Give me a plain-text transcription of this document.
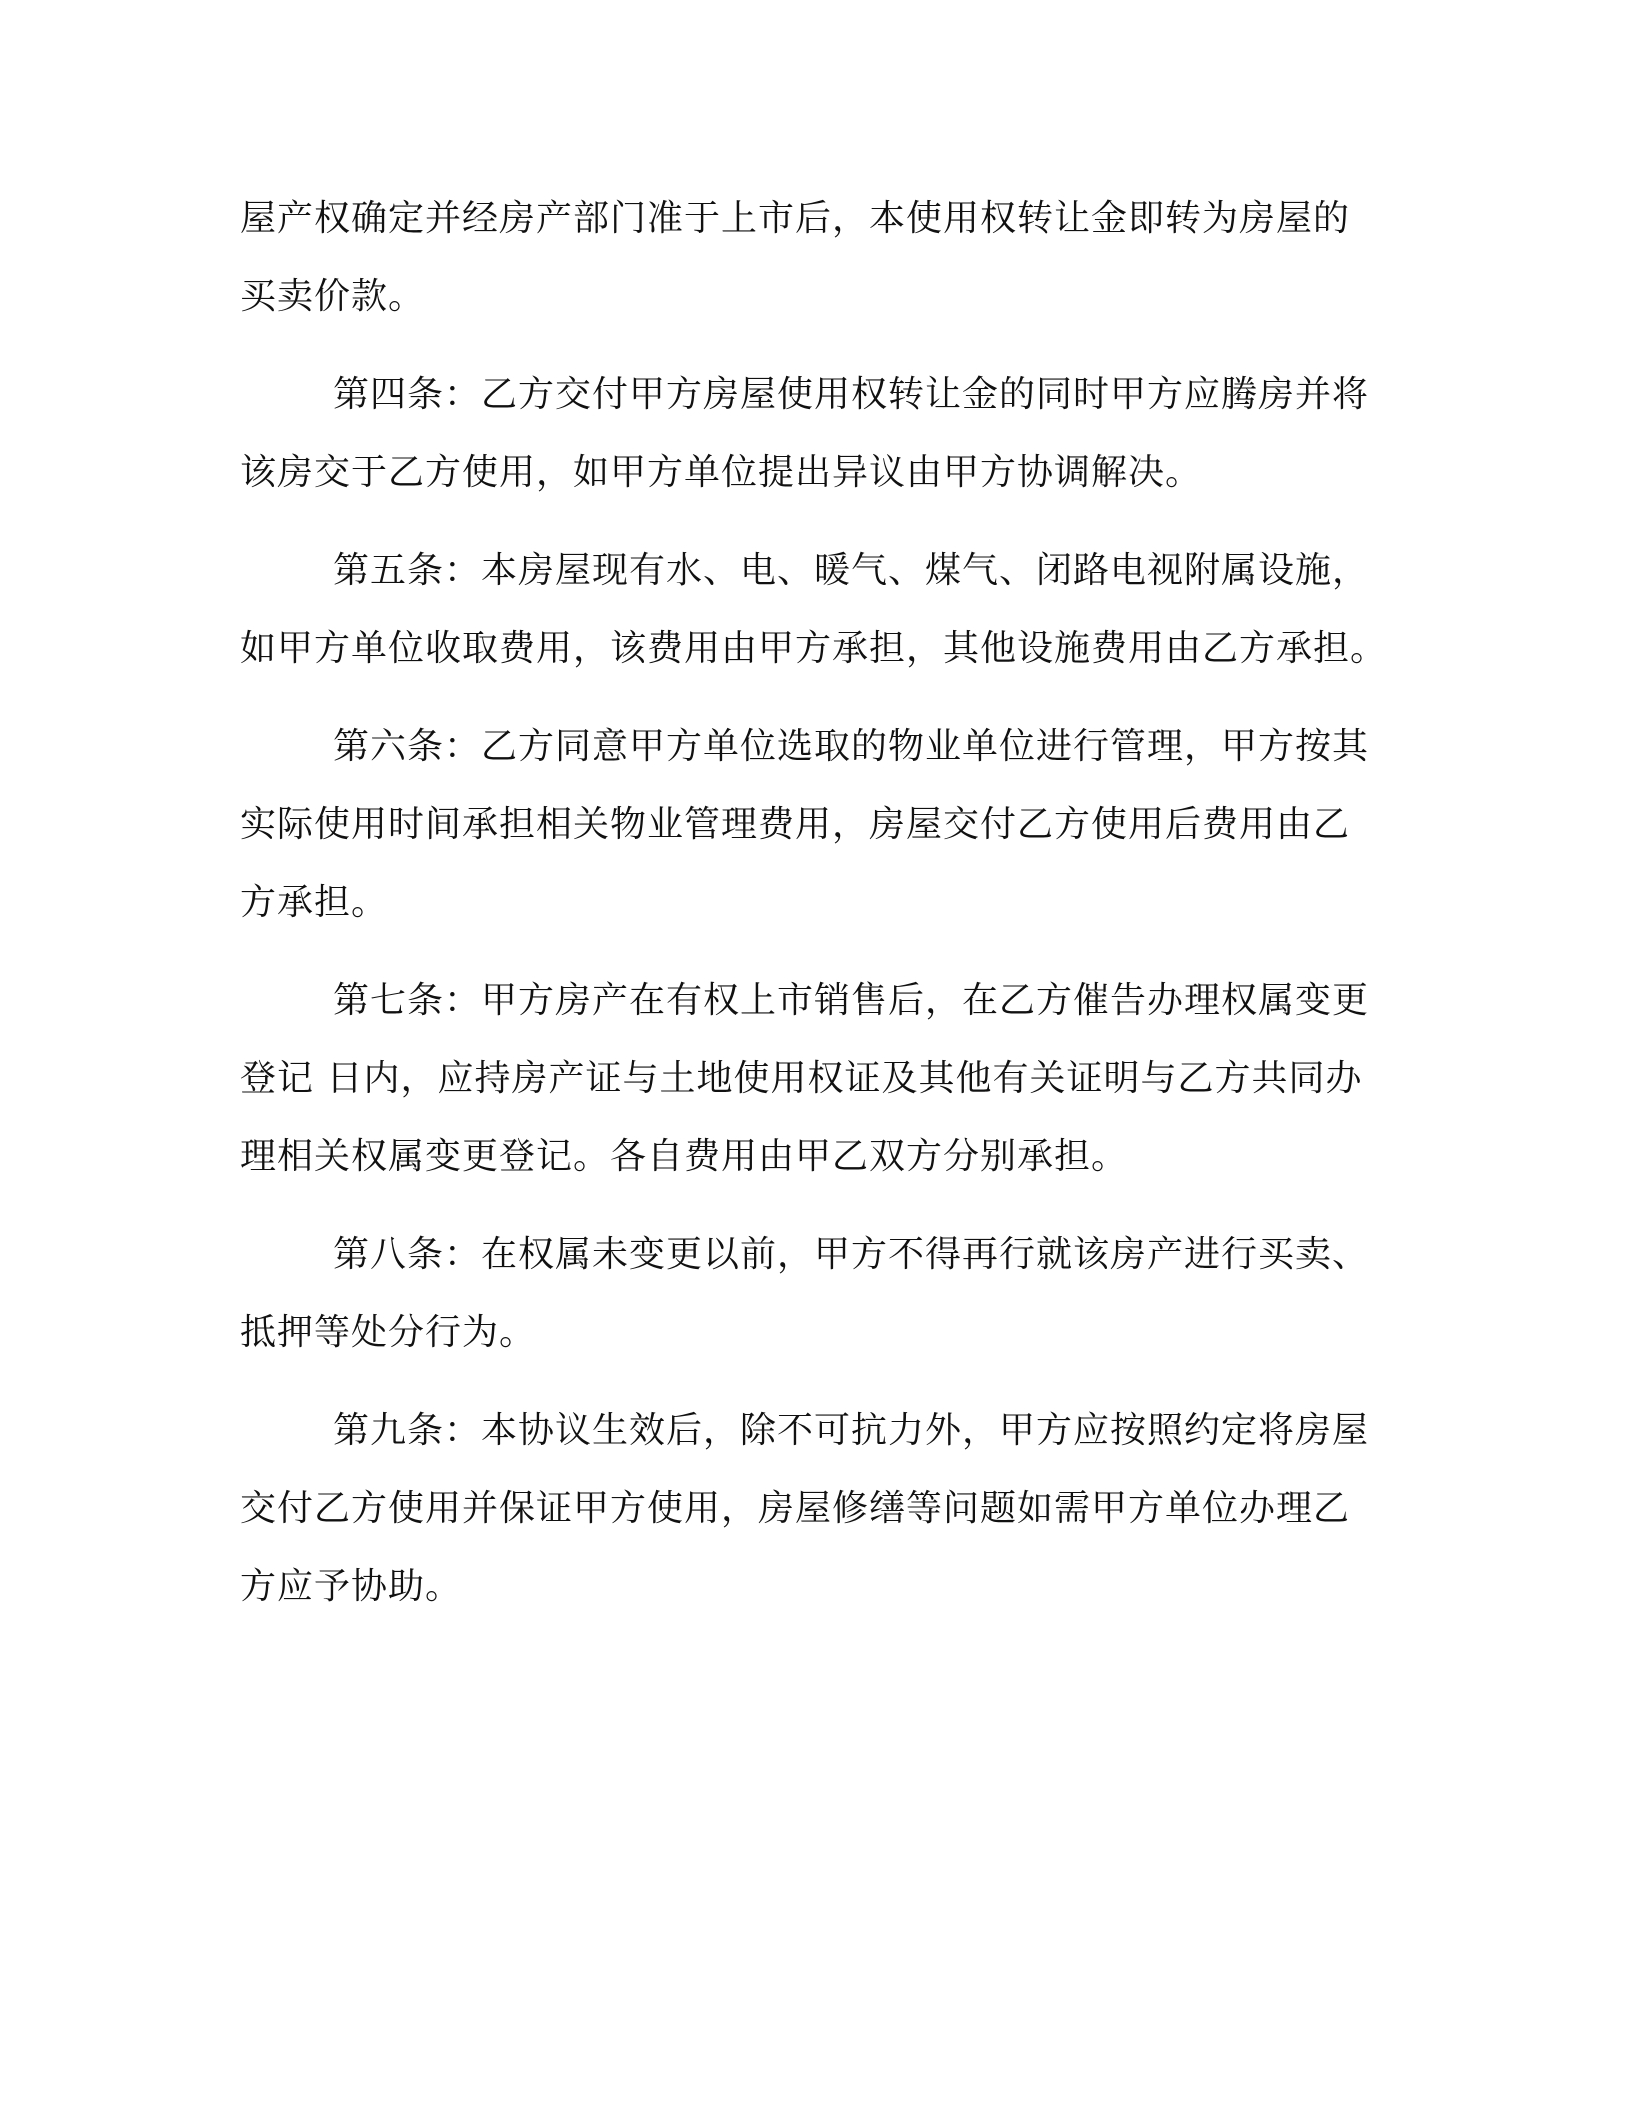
屋产权确定并经房产部门准于上市后，本使用权转让金即转为房屋的
买卖价款。

第四条：乙方交付甲方房屋使用权转让金的同时甲方应腾房并将
该房交于乙方使用，如甲方单位提出异议由甲方协调解决。

第五条：本房屋现有水、电、暖气、煤气、闭路电视附属设施，
如甲方单位收取费用，该费用由甲方承担，其他设施费用由乙方承担。

第六条：乙方同意甲方单位选取的物业单位进行管理，甲方按其
实际使用时间承担相关物业管理费用，房屋交付乙方使用后费用由乙
方承担。

第七条：甲方房产在有权上市销售后，在乙方催告办理权属变更
登记 日内，应持房产证与土地使用权证及其他有关证明与乙方共同办
理相关权属变更登记。各自费用由甲乙双方分别承担。

第八条：在权属未变更以前，甲方不得再行就该房产进行买卖、
抵押等处分行为。

第九条：本协议生效后，除不可抗力外，甲方应按照约定将房屋
交付乙方使用并保证甲方使用，房屋修缮等问题如需甲方单位办理乙
方应予协助。
